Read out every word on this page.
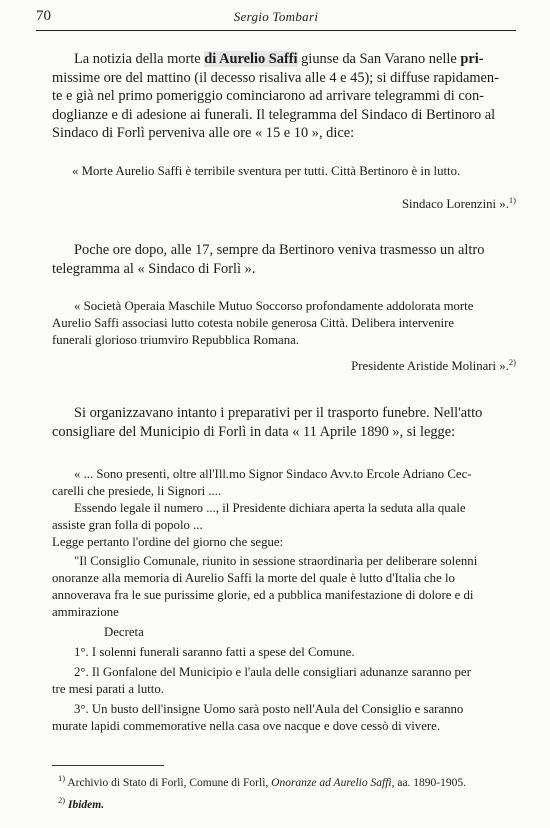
70	Sergio Tombari
La notizia della morte di Aurelio Saffi giunse da San Varano nelle pri-
missime ore del mattino (il decesso risaliva alle 4 e 45); si diffuse rapidamen-
te e già nel primo pomeriggio cominciarono ad arrivare telegrammi di con-
doglianze e di adesione ai funerali. Il telegramma del Sindaco di Bertinoro al
Sindaco di Forlì perveniva alle ore « 15 e 10 », dice:
« Morte Aurelio Saffi è terribile sventura per tutti. Città Bertinoro è in lutto.
Sindaco Lorenzini ».$^{1)}$
Poche ore dopo, alle 17, sempre da Bertinoro veniva trasmesso un altro
telegramma al « Sindaco di Forlì ».
« Società Operaia Maschile Mutuo Soccorso profondamente addolorata morte
Aurelio Saffi associasi lutto cotesta nobile generosa Città. Delibera intervenire
funerali glorioso triumviro Repubblica Romana.
Presidente Aristide Molinari ».$^{2)}$
Si organizzavano intanto i preparativi per il trasporto funebre. Nell'atto
consigliare del Municipio di Forlì in data « 11 Aprile 1890 », si legge:
« ... Sono presenti, oltre all'Ill.mo Signor Sindaco Avv.to Ercole Adriano Cec-
carelli che presiede, li Signori ....
Essendo legale il numero ..., il Presidente dichiara aperta la seduta alla quale
assiste gran folla di popolo ...
Legge pertanto l'ordine del giorno che segue:
"Il Consiglio Comunale, riunito in sessione straordinaria per deliberare solenni
onoranze alla memoria di Aurelio Saffi la morte del quale è lutto d'Italia che lo
annoverava fra le sue purissime glorie, ed a pubblica manifestazione di dolore e di
ammirazione
Decreta
1°. I solenni funerali saranno fatti a spese del Comune.
2°. Il Gonfalone del Municipio e l'aula delle consigliari adunanze saranno per
tre mesi parati a lutto.
3°. Un busto dell'insigne Uomo sarà posto nell'Aula del Consiglio e saranno
murate lapidi commemorative nella casa ove nacque e dove cessò di vivere.
$^{1)}$ Archivio di Stato di Forlì, Comune di Forlì, Onoranze ad Aurelio Saffi, aa. 1890-1905.
$^{2)}$ Ibidem.
